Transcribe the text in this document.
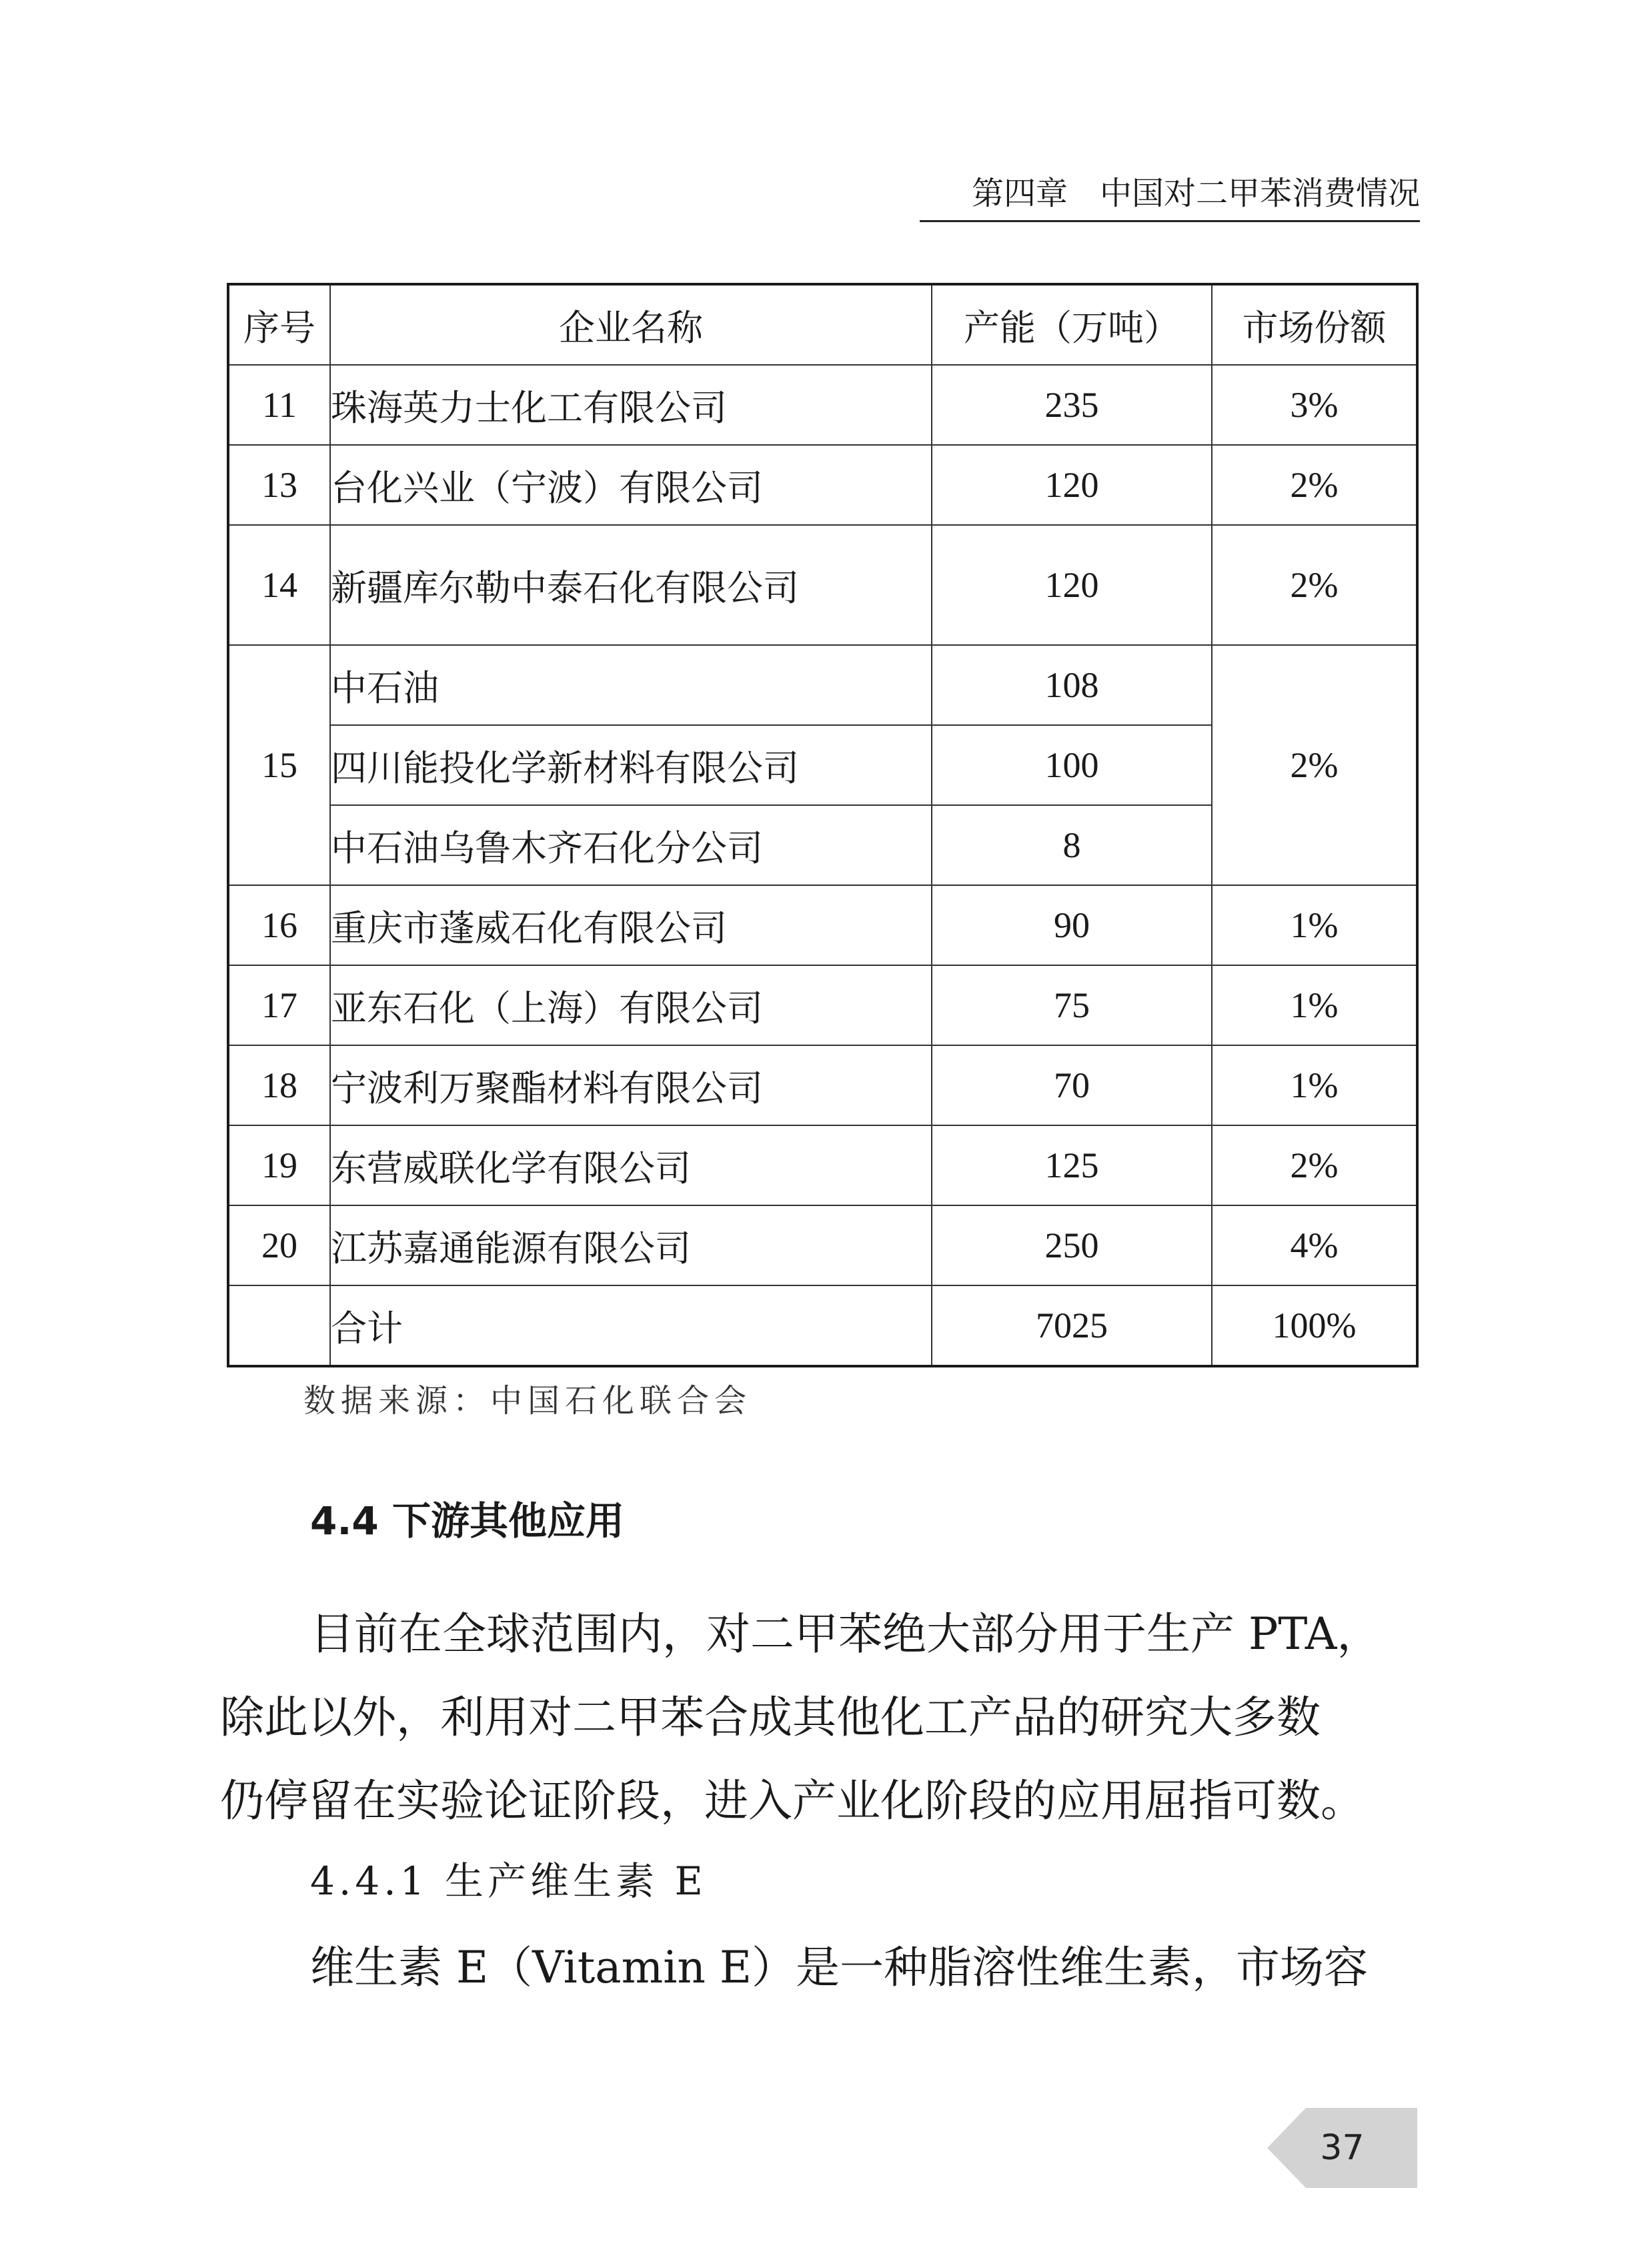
第四章　中国对二甲苯消费情况
序号	企业名称	产能（万吨）	市场份额
11	珠海英力士化工有限公司	235	3%
13	台化兴业（宁波）有限公司	120	2%
14	新疆库尔勒中泰石化有限公司	120	2%
15	中石油	108	2%
	四川能投化学新材料有限公司	100	
	中石油乌鲁木齐石化分公司	8	
16	重庆市蓬威石化有限公司	90	1%
17	亚东石化（上海）有限公司	75	1%
18	宁波利万聚酯材料有限公司	70	1%
19	东营威联化学有限公司	125	2%
20	江苏嘉通能源有限公司	250	4%
	合计	7025	100%
数据来源：中国石化联合会
4.4 下游其他应用
目前在全球范围内，对二甲苯绝大部分用于生产 PTA，
除此以外，利用对二甲苯合成其他化工产品的研究大多数
仍停留在实验论证阶段，进入产业化阶段的应用屈指可数。
4.4.1 生产维生素 E
维生素 E（Vitamin E）是一种脂溶性维生素，市场容
37
